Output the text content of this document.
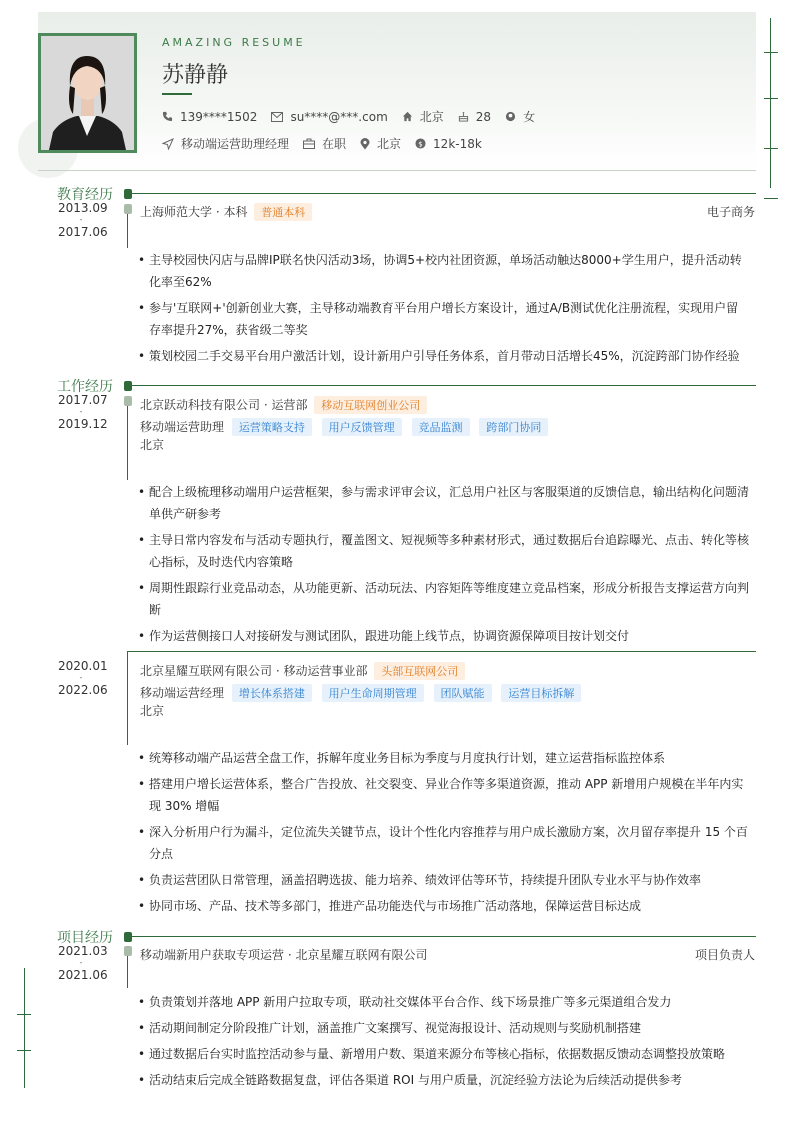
AMAZING RESUME
苏静静
139****1502	su****@***.com	北京	28	女
移动端运营助理经理	在职	北京 $ 12k-18k
教育经历
2013.09
-
2017.06
上海师范大学 · 本科 普通本科	电子商务
• 主导校园快闪店与品牌IP联名快闪活动3场，协调5+校内社团资源，单场活动触达8000+学生用户，提升活动转化率至62%
• 参与'互联网+'创新创业大赛，主导移动端教育平台用户增长方案设计，通过A/B测试优化注册流程，实现用户留存率提升27%，获省级二等奖
• 策划校园二手交易平台用户激活计划，设计新用户引导任务体系，首月带动日活增长45%，沉淀跨部门协作经验
工作经历
2017.07
-
2019.12
北京跃动科技有限公司 · 运营部 移动互联网创业公司
移动端运营助理 运营策略支持 用户反馈管理 竞品监测 跨部门协同
北京
• 配合上级梳理移动端用户运营框架，参与需求评审会议，汇总用户社区与客服渠道的反馈信息，输出结构化问题清单供产研参考
• 主导日常内容发布与活动专题执行，覆盖图文、短视频等多种素材形式，通过数据后台追踪曝光、点击、转化等核心指标，及时迭代内容策略
• 周期性跟踪行业竞品动态，从功能更新、活动玩法、内容矩阵等维度建立竞品档案，形成分析报告支撑运营方向判断
• 作为运营侧接口人对接研发与测试团队，跟进功能上线节点，协调资源保障项目按计划交付
2020.01
-
2022.06
北京星耀互联网有限公司 · 移动运营事业部 头部互联网公司
移动端运营经理 增长体系搭建 用户生命周期管理 团队赋能 运营目标拆解
北京
• 统筹移动端产品运营全盘工作，拆解年度业务目标为季度与月度执行计划，建立运营指标监控体系
• 搭建用户增长运营体系，整合广告投放、社交裂变、异业合作等多渠道资源，推动 APP 新增用户规模在半年内实现 30% 增幅
• 深入分析用户行为漏斗，定位流失关键节点，设计个性化内容推荐与用户成长激励方案，次月留存率提升 15 个百分点
• 负责运营团队日常管理，涵盖招聘选拔、能力培养、绩效评估等环节，持续提升团队专业水平与协作效率
• 协同市场、产品、技术等多部门，推进产品功能迭代与市场推广活动落地，保障运营目标达成
项目经历
2021.03
-
2021.06
移动端新用户获取专项运营 · 北京星耀互联网有限公司	项目负责人
• 负责策划并落地 APP 新用户拉取专项，联动社交媒体平台合作、线下场景推广等多元渠道组合发力
• 活动期间制定分阶段推广计划，涵盖推广文案撰写、视觉海报设计、活动规则与奖励机制搭建
• 通过数据后台实时监控活动参与量、新增用户数、渠道来源分布等核心指标，依据数据反馈动态调整投放策略
• 活动结束后完成全链路数据复盘，评估各渠道 ROI 与用户质量，沉淀经验方法论为后续活动提供参考
